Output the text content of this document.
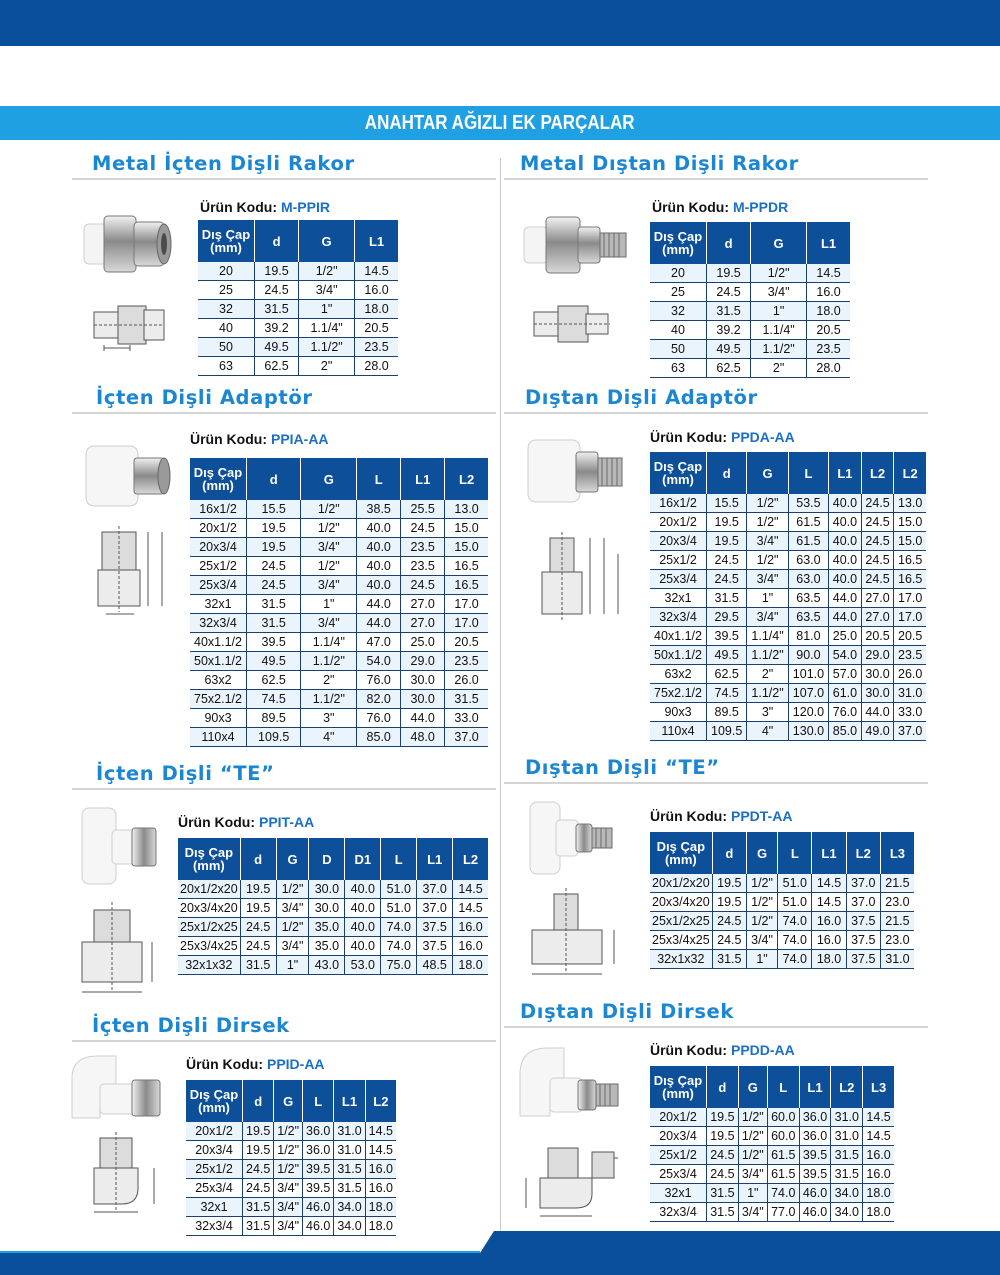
ANAHTAR AĞIZLI EK PARÇALAR
Metal İçten Dişli Rakor
Ürün Kodu: M-PPIR
Dış Çap (mm)	d	G	L1
20	19.5	1/2"	14.5
25	24.5	3/4"	16.0
32	31.5	1"	18.0
40	39.2	1.1/4"	20.5
50	49.5	1.1/2"	23.5
63	62.5	2"	28.0
Metal Dıştan Dişli Rakor
Ürün Kodu: M-PPDR
Dış Çap (mm)	d	G	L1
20	19.5	1/2"	14.5
25	24.5	3/4"	16.0
32	31.5	1"	18.0
40	39.2	1.1/4"	20.5
50	49.5	1.1/2"	23.5
63	62.5	2"	28.0
İçten Dişli Adaptör
Ürün Kodu: PPIA-AA
Dış Çap (mm)	d	G	L	L1	L2
16x1/2	15.5	1/2"	38.5	25.5	13.0
20x1/2	19.5	1/2"	40.0	24.5	15.0
20x3/4	19.5	3/4"	40.0	23.5	15.0
25x1/2	24.5	1/2"	40.0	23.5	16.5
25x3/4	24.5	3/4"	40.0	24.5	16.5
32x1	31.5	1"	44.0	27.0	17.0
32x3/4	31.5	3/4"	44.0	27.0	17.0
40x1.1/2	39.5	1.1/4"	47.0	25.0	20.5
50x1.1/2	49.5	1.1/2"	54.0	29.0	23.5
63x2	62.5	2"	76.0	30.0	26.0
75x2.1/2	74.5	1.1/2"	82.0	30.0	31.5
90x3	89.5	3"	76.0	44.0	33.0
110x4	109.5	4"	85.0	48.0	37.0
Dıştan Dişli Adaptör
Ürün Kodu: PPDA-AA
Dış Çap (mm)	d	G	L	L1	L2	L2
16x1/2	15.5	1/2"	53.5	40.0	24.5	13.0
20x1/2	19.5	1/2"	61.5	40.0	24.5	15.0
20x3/4	19.5	3/4"	61.5	40.0	24.5	15.0
25x1/2	24.5	1/2"	63.0	40.0	24.5	16.5
25x3/4	24.5	3/4"	63.0	40.0	24.5	16.5
32x1	31.5	1"	63.5	44.0	27.0	17.0
32x3/4	29.5	3/4"	63.5	44.0	27.0	17.0
40x1.1/2	39.5	1.1/4"	81.0	25.0	20.5	20.5
50x1.1/2	49.5	1.1/2"	90.0	54.0	29.0	23.5
63x2	62.5	2"	101.0	57.0	30.0	26.0
75x2.1/2	74.5	1.1/2"	107.0	61.0	30.0	31.0
90x3	89.5	3"	120.0	76.0	44.0	33.0
110x4	109.5	4"	130.0	85.0	49.0	37.0
İçten Dişli “TE”
Ürün Kodu: PPIT-AA
Dış Çap (mm)	d	G	D	D1	L	L1	L2
20x1/2x20	19.5	1/2"	30.0	40.0	51.0	37.0	14.5
20x3/4x20	19.5	3/4"	30.0	40.0	51.0	37.0	14.5
25x1/2x25	24.5	1/2"	35.0	40.0	74.0	37.5	16.0
25x3/4x25	24.5	3/4"	35.0	40.0	74.0	37.5	16.0
32x1x32	31.5	1"	43.0	53.0	75.0	48.5	18.0
Dıştan Dişli “TE”
Ürün Kodu: PPDT-AA
Dış Çap (mm)	d	G	L	L1	L2	L3
20x1/2x20	19.5	1/2"	51.0	14.5	37.0	21.5
20x3/4x20	19.5	1/2"	51.0	14.5	37.0	23.0
25x1/2x25	24.5	1/2"	74.0	16.0	37.5	21.5
25x3/4x25	24.5	3/4"	74.0	16.0	37.5	23.0
32x1x32	31.5	1"	74.0	18.0	37.5	31.0
İçten Dişli Dirsek
Ürün Kodu: PPID-AA
Dış Çap (mm)	d	G	L	L1	L2
20x1/2	19.5	1/2"	36.0	31.0	14.5
20x3/4	19.5	1/2"	36.0	31.0	14.5
25x1/2	24.5	1/2"	39.5	31.5	16.0
25x3/4	24.5	3/4"	39.5	31.5	16.0
32x1	31.5	3/4"	46.0	34.0	18.0
32x3/4	31.5	3/4"	46.0	34.0	18.0
Dıştan Dişli Dirsek
Ürün Kodu: PPDD-AA
Dış Çap (mm)	d	G	L	L1	L2	L3
20x1/2	19.5	1/2"	60.0	36.0	31.0	14.5
20x3/4	19.5	1/2"	60.0	36.0	31.0	14.5
25x1/2	24.5	1/2"	61.5	39.5	31.5	16.0
25x3/4	24.5	3/4"	61.5	39.5	31.5	16.0
32x1	31.5	1"	74.0	46.0	34.0	18.0
32x3/4	31.5	3/4"	77.0	46.0	34.0	18.0
